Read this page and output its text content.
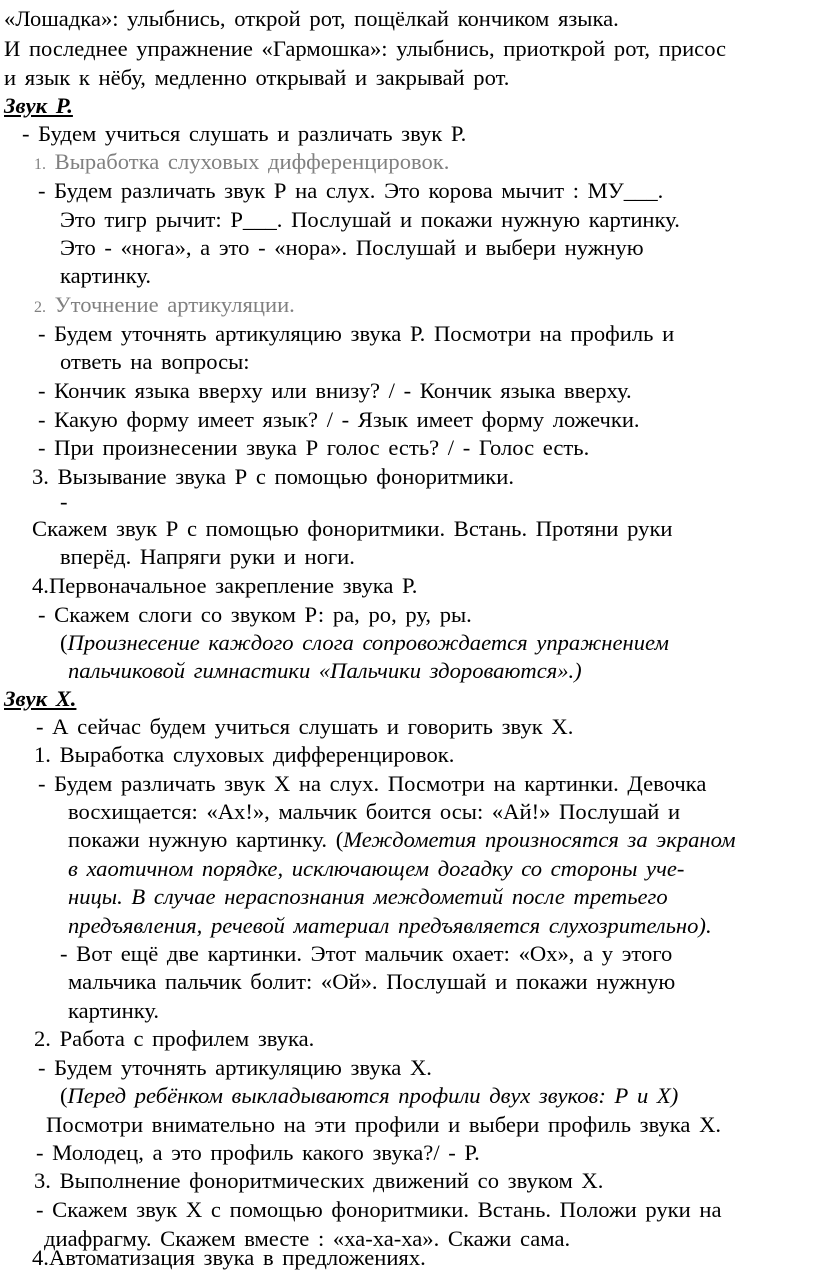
«Лошадка»: улыбнись, открой рот, пощёлкай кончиком языка.
И последнее упражнение «Гармошка»: улыбнись, приоткрой рот, присос
и язык к нёбу, медленно открывай и закрывай рот.
Звук Р.
- Будем учиться слушать и различать звук Р.
1. Выработка слуховых дифференцировок.
- Будем различать звук Р на слух. Это корова мычит : МУ___.
Это тигр рычит: Р___. Послушай и покажи нужную картинку.
Это - «нога», а это - «нора». Послушай и выбери нужную
картинку.
2. Уточнение артикуляции.
- Будем уточнять артикуляцию звука Р. Посмотри на профиль и
ответь на вопросы:
- Кончик языка вверху или внизу? / - Кончик языка вверху.
- Какую форму имеет язык? / - Язык имеет форму ложечки.
- При произнесении звука Р голос есть? / - Голос есть.
3. Вызывание звука Р с помощью фоноритмики.
-
Скажем звук Р с помощью фоноритмики. Встань. Протяни руки
вперёд. Напряги руки и ноги.
4.Первоначальное закрепление звука Р.
- Скажем слоги со звуком Р: ра, ро, ру, ры.
(Произнесение каждого слога сопровождается упражнением
пальчиковой гимнастики «Пальчики здороваются».)
Звук Х.
- А сейчас будем учиться слушать и говорить звук Х.
1. Выработка слуховых дифференцировок.
- Будем различать звук Х на слух. Посмотри на картинки. Девочка
восхищается: «Ах!», мальчик боится осы: «Ай!» Послушай и
покажи нужную картинку. (Междометия произносятся за экраном
в хаотичном порядке, исключающем догадку со стороны уче-
ницы. В случае нераспознания междометий после третьего
предъявления, речевой материал предъявляется слухозрительно).
- Вот ещё две картинки. Этот мальчик охает: «Ох», а у этого
мальчика пальчик болит: «Ой». Послушай и покажи нужную
картинку.
2. Работа с профилем звука.
- Будем уточнять артикуляцию звука Х.
(Перед ребёнком выкладываются профили двух звуков: Р и Х)
Посмотри внимательно на эти профили и выбери профиль звука Х.
- Молодец, а это профиль какого звука?/ - Р.
3. Выполнение фоноритмических движений со звуком Х.
- Скажем звук Х с помощью фоноритмики. Встань. Положи руки на
диафрагму. Скажем вместе : «ха-ха-ха». Скажи сама.
4.Автоматизация звука в предложениях.
